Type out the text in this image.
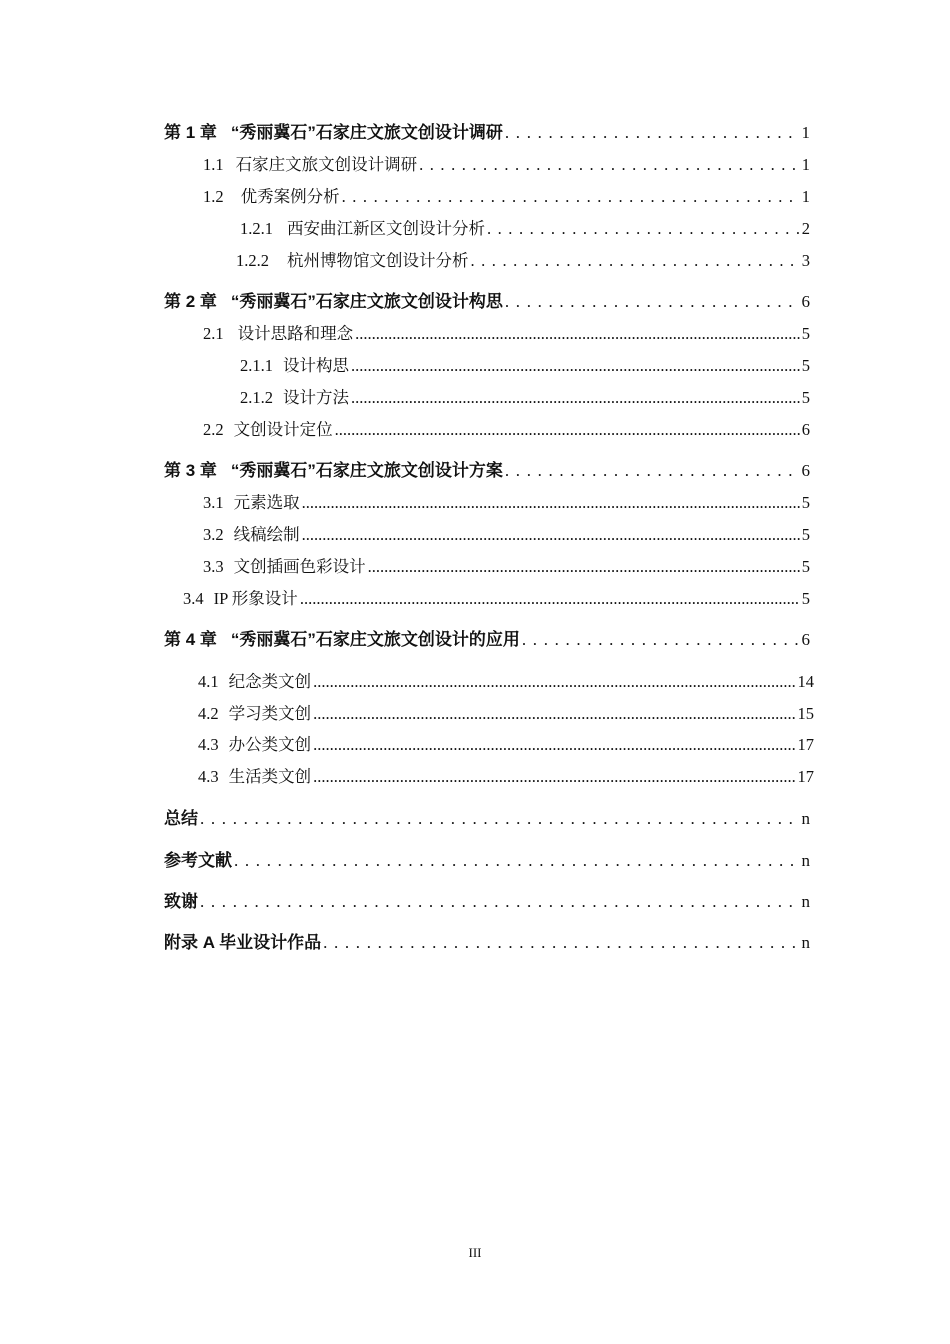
第 1 章 “秀丽冀石”石家庄文旅文创设计调研 . . .	1
1.1 石家庄文旅文创设计调研 . . .	1
1.2 优秀案例分析 . . .	1
1.2.1 西安曲江新区文创设计分析 . . .	2
1.2.2 杭州博物馆文创设计分析 . . .	3
第 2 章 “秀丽冀石”石家庄文旅文创设计构思 . . .	6
2.1 设计思路和理念 .....	5
2.1.1 设计构思 .....	5
2.1.2 设计方法 .....	5
2.2 文创设计定位 .....	6
第 3 章 “秀丽冀石”石家庄文旅文创设计方案 . . .	6
3.1 元素选取 .....	5
3.2 线稿绘制 .....	5
3.3 文创插画色彩设计 .....	5
3.4 IP 形象设计 .....	5
第 4 章 “秀丽冀石”石家庄文旅文创设计的应用 . . .	6
4.1 纪念类文创 .....	14
4.2 学习类文创 .....	15
4.3 办公类文创 .....	17
4.3 生活类文创 .....	17
总结 . . .	n
参考文献 . . .	n
致谢 . . .	n
附录 A 毕业设计作品 . . .	n
III
